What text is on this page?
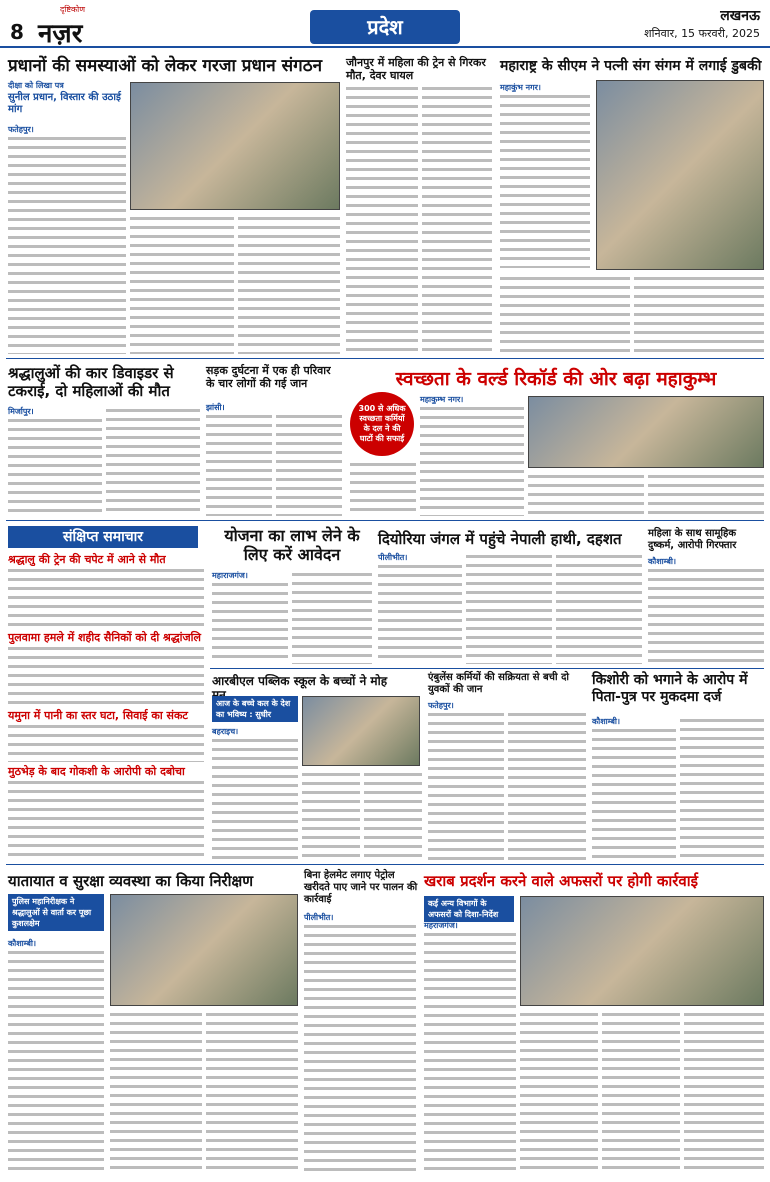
8
दृष्टिकोण
नज़र	प्रदेश	लखनऊ
शनिवार, 15 फरवरी, 2025
प्रधानों की समस्याओं को लेकर गरजा प्रधान संगठन
दीक्षा को लिखा पत्र
सुनील प्रधान, विस्तार की उठाई मांग
फतेहपुर।
जौनपुर में महिला की ट्रेन से गिरकर मौत, देवर घायल
महाराष्ट्र के सीएम ने पत्नी संग संगम में लगाई डुबकी
महाकुंभ नगर।
श्रद्धालुओं की कार डिवाइडर से टकराई, दो महिलाओं की मौत
मिर्जापुर।
सड़क दुर्घटना में एक ही परिवार के चार लोगों की गई जान
झांसी।
स्वच्छता के वर्ल्ड रिकॉर्ड की ओर बढ़ा महाकुम्भ
300 से अधिक स्वच्छता कर्मियों के दल ने की घाटों की सफाई
महाकुम्भ नगर।
संक्षिप्त समाचार
श्रद्धालु की ट्रेन की चपेट में आने से मौत
पुलवामा हमले में शहीद सैनिकों को दी श्रद्धांजलि
यमुना में पानी का स्तर घटा, सिवाई का संकट
मुठभेड़ के बाद गोकशी के आरोपी को दबोचा
योजना का लाभ लेने के लिए करें आवेदन
महाराजगंज।
दियोरिया जंगल में पहुंचे नेपाली हाथी, दहशत
पीलीभीत।
महिला के साथ सामूहिक दुष्कर्म, आरोपी गिरफ्तार
कौशाम्बी।
आरबीएल पब्लिक स्कूल के बच्चों ने मोह
आज के बच्चे कल के देश का भविष्य : सुधीर
बहराइच।
एंबुलेंस कर्मियों की सक्रियता से बची दो युवकों की जान
फतेहपुर।
किशोरी को भगाने के आरोप में पिता-पुत्र पर मुकदमा दर्ज
कौशाम्बी।
यातायात व सुरक्षा व्यवस्था का किया निरीक्षण
पुलिस महानिरीक्षक ने श्रद्धालुओं से वार्ता कर पूछा कुशलक्षेम
कौशाम्बी।
बिना हेलमेट लगाए पेट्रोल खरीदते पाए जाने पर पालन की कार्रवाई
पीलीभीत।
खराब प्रदर्शन करने वाले अफसरों पर होगी कार्रवाई
कई अन्य विभागों के अफसरों को दिशा-निर्देश
महराजगंज।
